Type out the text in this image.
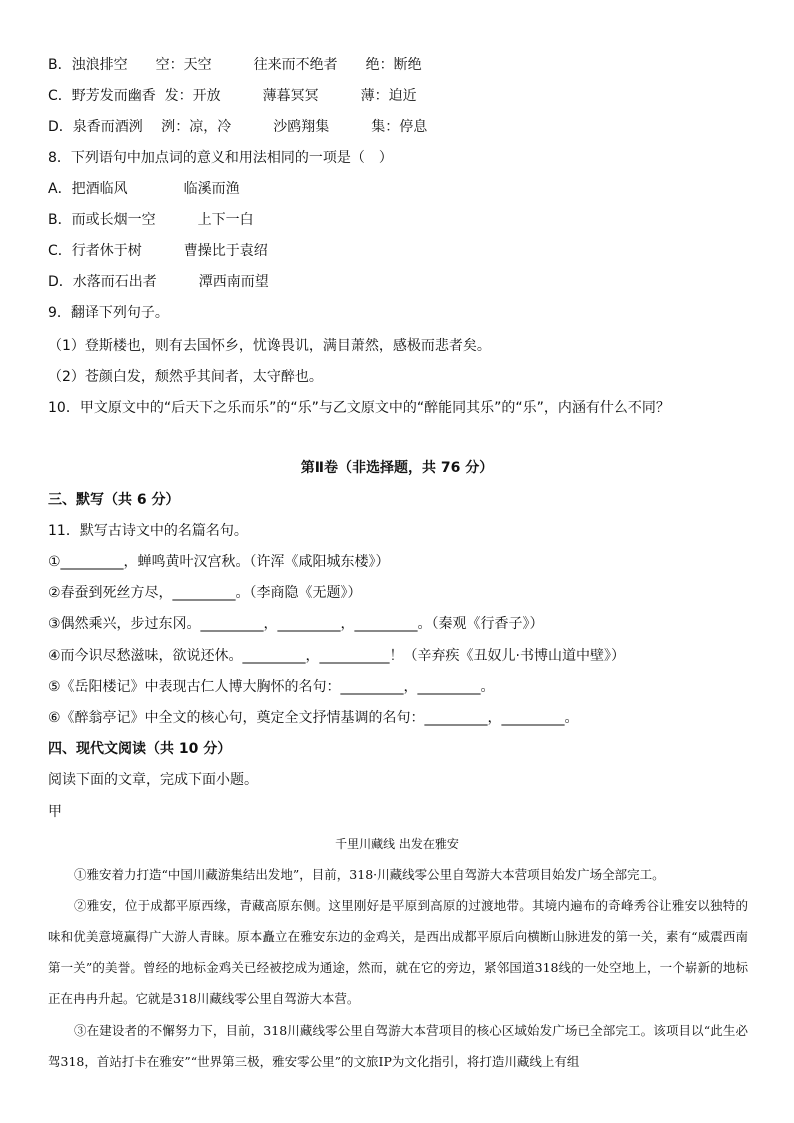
B．浊浪排空　　空：天空　　　往来而不绝者　　绝：断绝
C．野芳发而幽香  发：开放　　　薄暮冥冥　　　薄：迫近
D．泉香而酒洌　 洌：凉，冷　　　沙鸥翔集　　　集：停息
8．下列语句中加点词的意义和用法相同的一项是（　）
A．把酒临风　　　　临溪而渔
B．而或长烟一空　　　上下一白
C．行者休于树　　　曹操比于袁绍
D．水落而石出者　　　潭西南而望
9．翻译下列句子。
（1）登斯楼也，则有去国怀乡，忧谗畏讥，满目萧然，感极而悲者矣。
（2）苍颜白发，颓然乎其间者，太守醉也。
10．甲文原文中的“后天下之乐而乐”的“乐”与乙文原文中的“醉能同其乐”的“乐”，内涵有什么不同？
第Ⅱ卷（非选择题，共 76 分）
三、默写（共 6 分）
11．默写古诗文中的名篇名句。
①_________，蝉鸣黄叶汉宫秋。（许浑《咸阳城东楼》）
②春蚕到死丝方尽，_________。（李商隐《无题》）
③偶然乘兴，步过东冈。_________，_________，_________。（秦观《行香子》）
④而今识尽愁滋味，欲说还休。_________，__________！（辛弃疾《丑奴儿·书博山道中壁》）
⑤《岳阳楼记》中表现古仁人博大胸怀的名句：_________，_________。
⑥《醉翁亭记》中全文的核心句，奠定全文抒情基调的名句：_________，_________。
四、现代文阅读（共 10 分）
阅读下面的文章，完成下面小题。
甲
千里川藏线 出发在雅安
①雅安着力打造“中国川藏游集结出发地”，目前，318·川藏线零公里自驾游大本营项目始发广场全部完工。
②雅安，位于成都平原西缘，青藏高原东侧。这里刚好是平原到高原的过渡地带。其境内遍布的奇峰秀谷让雅安以独特的味和优美意境赢得广大游人青睐。原本矗立在雅安东边的金鸡关，是西出成都平原后向横断山脉进发的第一关，素有“威震西南第一关”的美誉。曾经的地标金鸡关已经被挖成为通途，然而，就在它的旁边，紧邻国道318线的一处空地上，一个崭新的地标正在冉冉升起。它就是318川藏线零公里自驾游大本营。
③在建设者的不懈努力下，目前，318川藏线零公里自驾游大本营项目的核心区域始发广场已全部完工。该项目以“此生必驾318，首站打卡在雅安”“世界第三极，雅安零公里”的文旅IP为文化指引，将打造川藏线上有组
